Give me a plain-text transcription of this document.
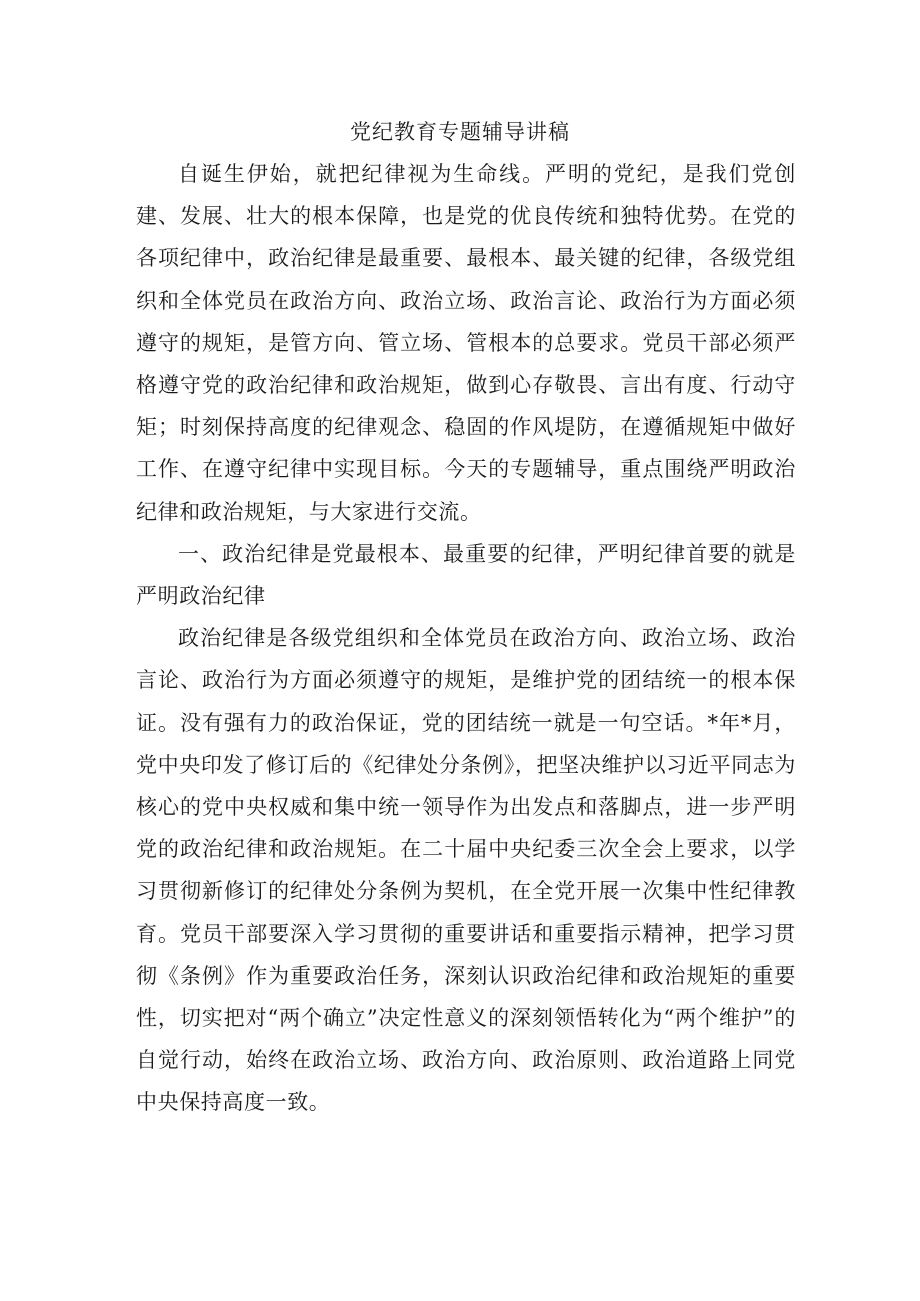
党纪教育专题辅导讲稿

自诞生伊始，就把纪律视为生命线。严明的党纪，是我们党创建、发展、壮大的根本保障，也是党的优良传统和独特优势。在党的各项纪律中，政治纪律是最重要、最根本、最关键的纪律，各级党组织和全体党员在政治方向、政治立场、政治言论、政治行为方面必须遵守的规矩，是管方向、管立场、管根本的总要求。党员干部必须严格遵守党的政治纪律和政治规矩，做到心存敬畏、言出有度、行动守矩；时刻保持高度的纪律观念、稳固的作风堤防，在遵循规矩中做好工作、在遵守纪律中实现目标。今天的专题辅导，重点围绕严明政治纪律和政治规矩，与大家进行交流。

一、政治纪律是党最根本、最重要的纪律，严明纪律首要的就是严明政治纪律

政治纪律是各级党组织和全体党员在政治方向、政治立场、政治言论、政治行为方面必须遵守的规矩，是维护党的团结统一的根本保证。没有强有力的政治保证，党的团结统一就是一句空话。*年*月，党中央印发了修订后的《纪律处分条例》，把坚决维护以习近平同志为核心的党中央权威和集中统一领导作为出发点和落脚点，进一步严明党的政治纪律和政治规矩。在二十届中央纪委三次全会上要求，以学习贯彻新修订的纪律处分条例为契机，在全党开展一次集中性纪律教育。党员干部要深入学习贯彻的重要讲话和重要指示精神，把学习贯彻《条例》作为重要政治任务，深刻认识政治纪律和政治规矩的重要性，切实把对“两个确立”决定性意义的深刻领悟转化为“两个维护”的自觉行动，始终在政治立场、政治方向、政治原则、政治道路上同党中央保持高度一致。
